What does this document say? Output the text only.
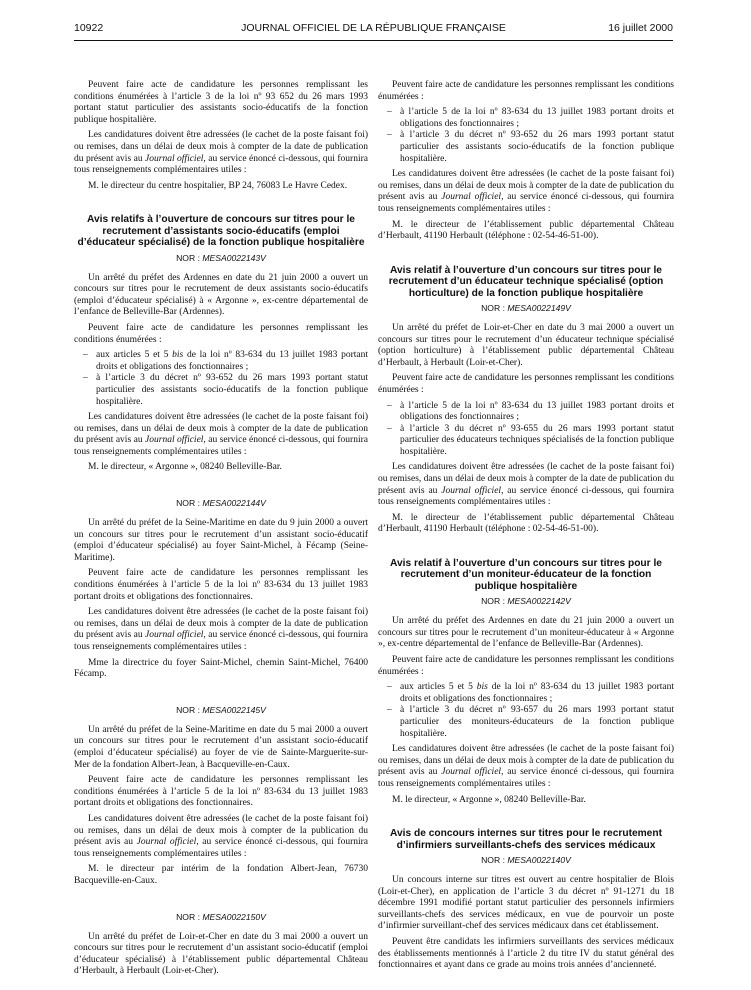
10922	JOURNAL OFFICIEL DE LA RÉPUBLIQUE FRANÇAISE	16 juillet 2000

Peuvent faire acte de candidature les personnes remplissant les conditions énumérées à l’article 3 de la loi nº 93 652 du 26 mars 1993 portant statut particulier des assistants socio-éducatifs de la fonction publique hospitalière.

Les candidatures doivent être adressées (le cachet de la poste faisant foi) ou remises, dans un délai de deux mois à compter de la date de publication du présent avis au Journal officiel, au service énoncé ci-dessous, qui fournira tous renseignements complémentaires utiles :

M. le directeur du centre hospitalier, BP 24, 76083 Le Havre Cedex.

Avis relatifs à l’ouverture de concours sur titres pour le recrutement d’assistants socio-éducatifs (emploi d’éducateur spécialisé) de la fonction publique hospitalière
NOR : MESA0022143V

Un arrêté du préfet des Ardennes en date du 21 juin 2000 a ouvert un concours sur titres pour le recrutement de deux assistants socio-éducatifs (emploi d’éducateur spécialisé) à « Argonne », ex-centre départemental de l’enfance de Belleville-Bar (Ardennes).

Peuvent faire acte de candidature les personnes remplissant les conditions énumérées :

– aux articles 5 et 5 bis de la loi nº 83-634 du 13 juillet 1983 portant droits et obligations des fonctionnaires ;
– à l’article 3 du décret nº 93-652 du 26 mars 1993 portant statut particulier des assistants socio-éducatifs de la fonction publique hospitalière.

Les candidatures doivent être adressées (le cachet de la poste faisant foi) ou remises, dans un délai de deux mois à compter de la date de publication du présent avis au Journal officiel, au service énoncé ci-dessous, qui fournira tous renseignements complémentaires utiles :

M. le directeur, « Argonne », 08240 Belleville-Bar.

NOR : MESA0022144V

Un arrêté du préfet de la Seine-Maritime en date du 9 juin 2000 a ouvert un concours sur titres pour le recrutement d’un assistant socio-éducatif (emploi d’éducateur spécialisé) au foyer Saint-Michel, à Fécamp (Seine-Maritime).

Peuvent faire acte de candidature les personnes remplissant les conditions énumérées à l’article 5 de la loi nº 83-634 du 13 juillet 1983 portant droits et obligations des fonctionnaires.

Les candidatures doivent être adressées (le cachet de la poste faisant foi) ou remises, dans un délai de deux mois à compter de la date de publication du présent avis au Journal officiel, au service énoncé ci-dessous, qui fournira tous renseignements complémentaires utiles :

Mme la directrice du foyer Saint-Michel, chemin Saint-Michel, 76400 Fécamp.

NOR : MESA0022145V

Un arrêté du préfet de la Seine-Maritime en date du 5 mai 2000 a ouvert un concours sur titres pour le recrutement d’un assistant socio-éducatif (emploi d’éducateur spécialisé) au foyer de vie de Sainte-Marguerite-sur-Mer de la fondation Albert-Jean, à Bacqueville-en-Caux.

Peuvent faire acte de candidature les personnes remplissant les conditions énumérées à l’article 5 de la loi nº 83-634 du 13 juillet 1983 portant droits et obligations des fonctionnaires.

Les candidatures doivent être adressées (le cachet de la poste faisant foi) ou remises, dans un délai de deux mois à compter de la publication du présent avis au Journal officiel, au service énoncé ci-dessous, qui fournira tous renseignements complémentaires utiles :

M. le directeur par intérim de la fondation Albert-Jean, 76730 Bacqueville-en-Caux.

NOR : MESA0022150V

Un arrêté du préfet de Loir-et-Cher en date du 3 mai 2000 a ouvert un concours sur titres pour le recrutement d’un assistant socio-éducatif (emploi d’éducateur spécialisé) à l’établissement public départemental Château d’Herbault, à Herbault (Loir-et-Cher).

Peuvent faire acte de candidature les personnes remplissant les conditions énumérées :

– à l’article 5 de la loi nº 83-634 du 13 juillet 1983 portant droits et obligations des fonctionnaires ;
– à l’article 3 du décret nº 93-652 du 26 mars 1993 portant statut particulier des assistants socio-éducatifs de la fonction publique hospitalière.

Les candidatures doivent être adressées (le cachet de la poste faisant foi) ou remises, dans un délai de deux mois à compter de la date de publication du présent avis au Journal officiel, au service énoncé ci-dessous, qui fournira tous renseignements complémentaires utiles :

M. le directeur de l’établissement public départemental Château d’Herbault, 41190 Herbault (téléphone : 02-54-46-51-00).

Avis relatif à l’ouverture d’un concours sur titres pour le recrutement d’un éducateur technique spécialisé (option horticulture) de la fonction publique hospitalière
NOR : MESA0022149V

Un arrêté du préfet de Loir-et-Cher en date du 3 mai 2000 a ouvert un concours sur titres pour le recrutement d’un éducateur technique spécialisé (option horticulture) à l’établissement public départemental Château d’Herbault, à Herbault (Loir-et-Cher).

Peuvent faire acte de candidature les personnes remplissant les conditions énumérées :

– à l’article 5 de la loi nº 83-634 du 13 juillet 1983 portant droits et obligations des fonctionnaires ;
– à l’article 3 du décret nº 93-655 du 26 mars 1993 portant statut particulier des éducateurs techniques spécialisés de la fonction publique hospitalière.

Les candidatures doivent être adressées (le cachet de la poste faisant foi) ou remises, dans un délai de deux mois à compter de la date de publication du présent avis au Journal officiel, au service énoncé ci-dessous, qui fournira tous renseignements complémentaires utiles :

M. le directeur de l’établissement public départemental Château d’Herbault, 41190 Herbault (téléphone : 02-54-46-51-00).

Avis relatif à l’ouverture d’un concours sur titres pour le recrutement d’un moniteur-éducateur de la fonction publique hospitalière
NOR : MESA0022142V

Un arrêté du préfet des Ardennes en date du 21 juin 2000 a ouvert un concours sur titres pour le recrutement d’un moniteur-éducateur à « Argonne », ex-centre départemental de l’enfance de Belleville-Bar (Ardennes).

Peuvent faire acte de candidature les personnes remplissant les conditions énumérées :

– aux articles 5 et 5 bis de la loi nº 83-634 du 13 juillet 1983 portant droits et obligations des fonctionnaires ;
– à l’article 3 du décret nº 93-657 du 26 mars 1993 portant statut particulier des moniteurs-éducateurs de la fonction publique hospitalière.

Les candidatures doivent être adressées (le cachet de la poste faisant foi) ou remises, dans un délai de deux mois à compter de la date de publication du présent avis au Journal officiel, au service énoncé ci-dessous, qui fournira tous renseignements complémentaires utiles :

M. le directeur, « Argonne », 08240 Belleville-Bar.

Avis de concours internes sur titres pour le recrutement d’infirmiers surveillants-chefs des services médicaux
NOR : MESA0022140V

Un concours interne sur titres est ouvert au centre hospitalier de Blois (Loir-et-Cher), en application de l’article 3 du décret nº 91-1271 du 18 décembre 1991 modifié portant statut particulier des personnels infirmiers surveillants-chefs des services médicaux, en vue de pourvoir un poste d’infirmier surveillant-chef des services médicaux dans cet établissement.

Peuvent être candidats les infirmiers surveillants des services médicaux des établissements mentionnés à l’article 2 du titre IV du statut général des fonctionnaires et ayant dans ce grade au moins trois années d’ancienneté.
